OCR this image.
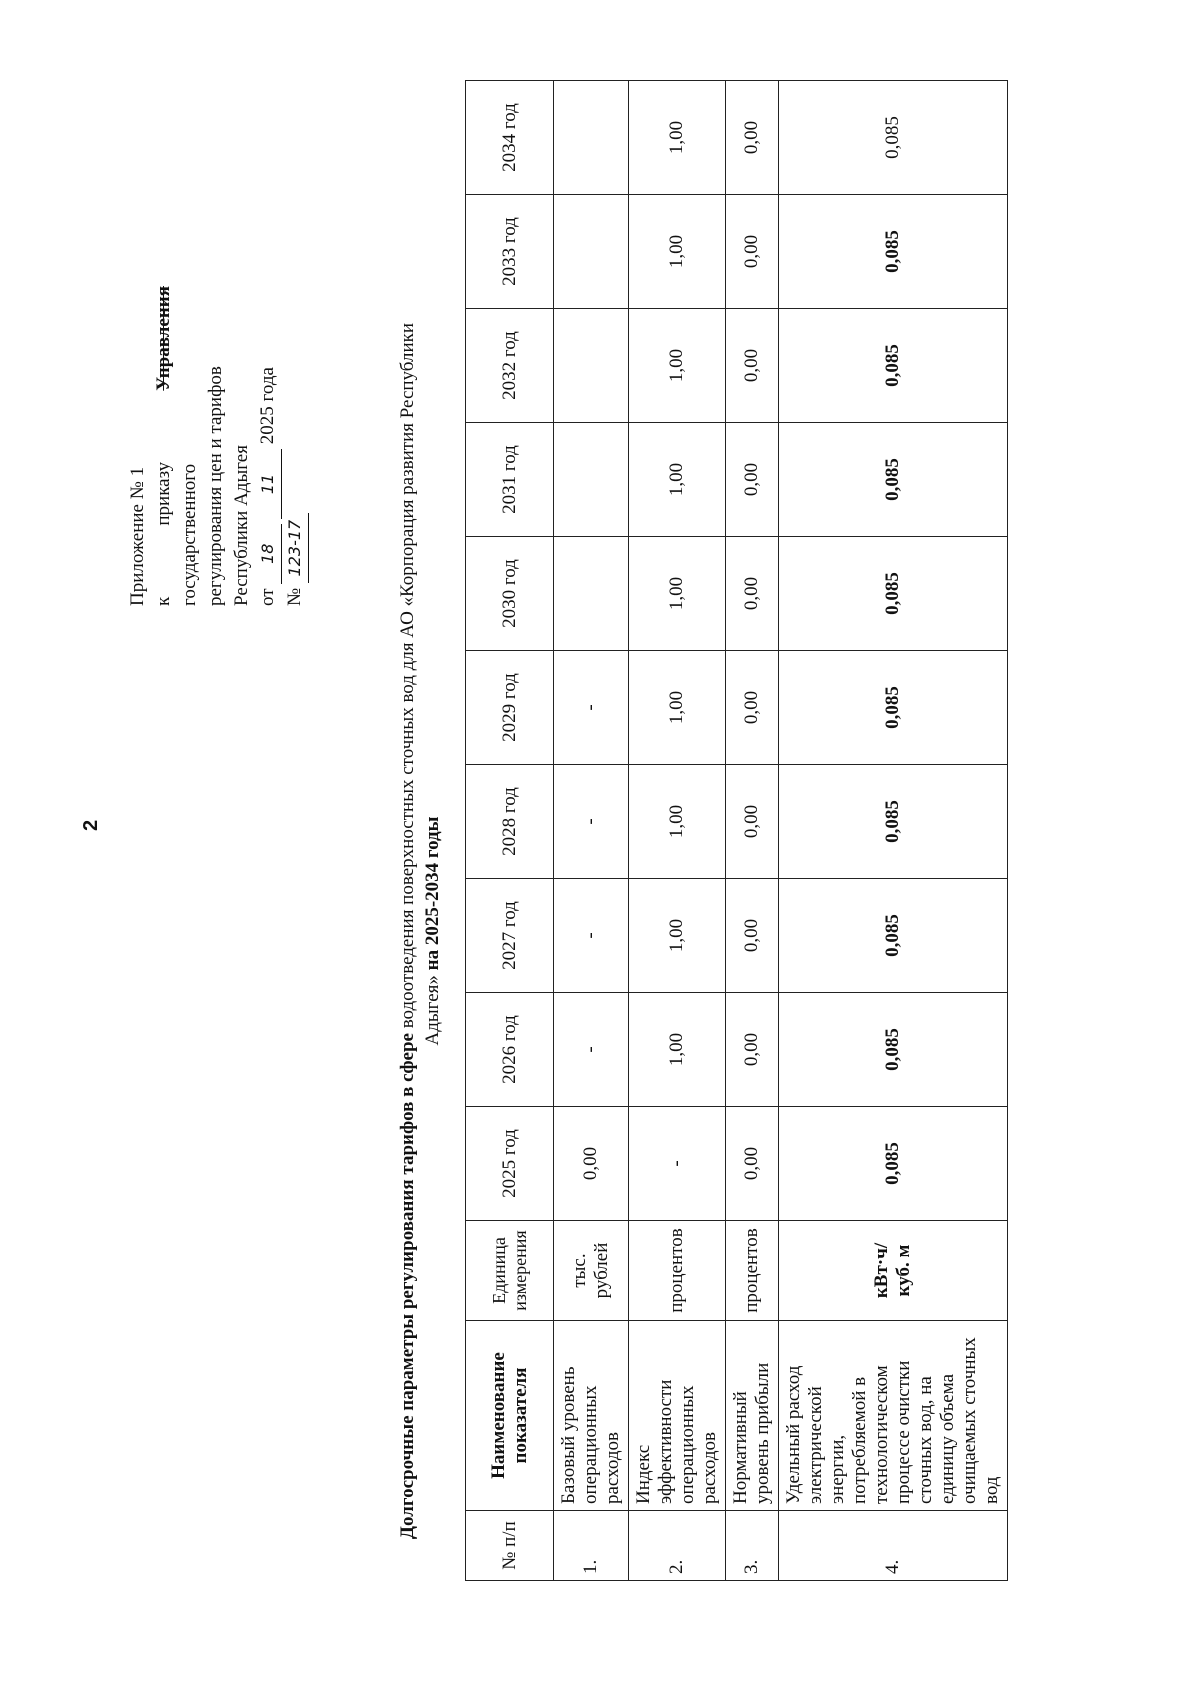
2
Приложение № 1 к
приказу
Управления
государственного регулирования цен и тарифов Республики Адыгея от 18 11 2025 года
№ 123-17
Долгосрочные параметры регулирования тарифов в сфере водоотведения поверхностных сточных вод для АО «Корпорация развития Республики Адыгея» на 2025-2034 годы
№ п/п	Наименование показателя	Единица измерения	2025 год	2026 год	2027 год	2028 год	2029 год	2030 год	2031 год	2032 год	2033 год	2034 год
1.	Базовый уровень операционных расходов	тыс. рублей	0,00	-	-	-	-					
2.	Индекс эффективности операционных расходов	процентов	-	1,00	1,00	1,00	1,00	1,00	1,00	1,00	1,00	1,00
3.	Нормативный уровень прибыли	процентов	0,00	0,00	0,00	0,00	0,00	0,00	0,00	0,00	0,00	0,00
4.	Удельный расход электрической энергии, потребляемой в технологическом процессе очистки сточных вод, на единицу объема очищаемых сточных вод	кВт·ч/куб. м	0,085	0,085	0,085	0,085	0,085	0,085	0,085	0,085	0,085	0,085
